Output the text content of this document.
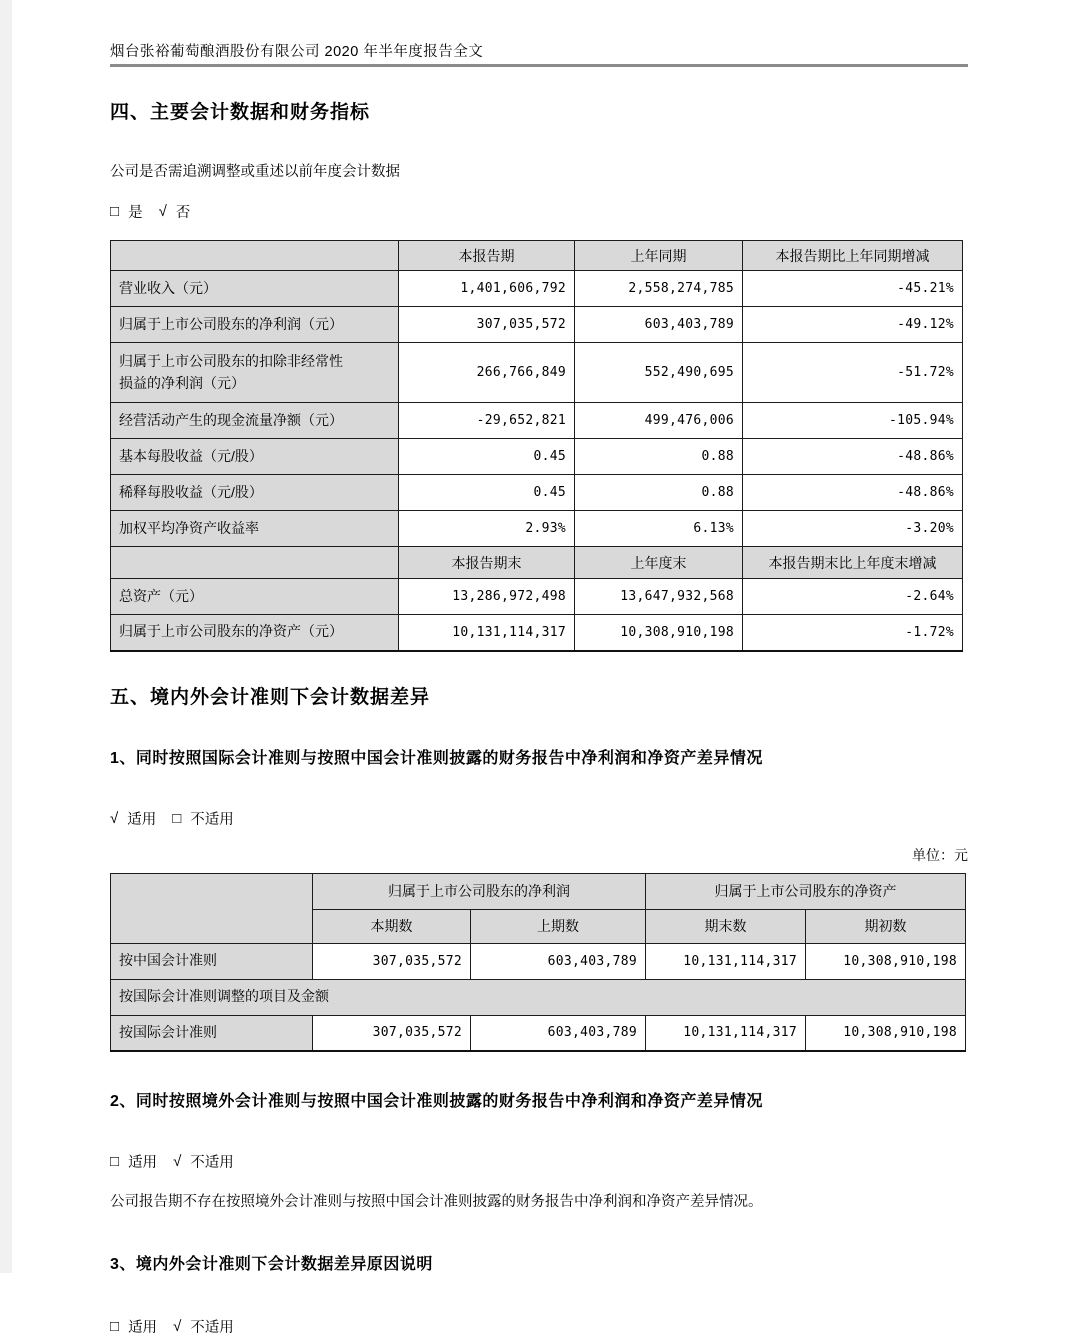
烟台张裕葡萄酿酒股份有限公司 2020 年半年度报告全文
四、主要会计数据和财务指标
公司是否需追溯调整或重述以前年度会计数据
□ 是 √ 否
	本报告期	上年同期	本报告期比上年同期增减
营业收入（元）	1,401,606,792	2,558,274,785	-45.21%
归属于上市公司股东的净利润（元）	307,035,572	603,403,789	-49.12%
归属于上市公司股东的扣除非经常性损益的净利润（元）	266,766,849	552,490,695	-51.72%
经营活动产生的现金流量净额（元）	-29,652,821	499,476,006	-105.94%
基本每股收益（元/股）	0.45	0.88	-48.86%
稀释每股收益（元/股）	0.45	0.88	-48.86%
加权平均净资产收益率	2.93%	6.13%	-3.20%
	本报告期末	上年度末	本报告期末比上年度末增减
总资产（元）	13,286,972,498	13,647,932,568	-2.64%
归属于上市公司股东的净资产（元）	10,131,114,317	10,308,910,198	-1.72%
五、境内外会计准则下会计数据差异
1、同时按照国际会计准则与按照中国会计准则披露的财务报告中净利润和净资产差异情况
√ 适用 □ 不适用
单位：元
	归属于上市公司股东的净利润		归属于上市公司股东的净资产	
	本期数	上期数	期末数	期初数
按中国会计准则	307,035,572	603,403,789	10,131,114,317	10,308,910,198
按国际会计准则调整的项目及金额				
按国际会计准则	307,035,572	603,403,789	10,131,114,317	10,308,910,198
2、同时按照境外会计准则与按照中国会计准则披露的财务报告中净利润和净资产差异情况
□ 适用 √ 不适用
公司报告期不存在按照境外会计准则与按照中国会计准则披露的财务报告中净利润和净资产差异情况。
3、境内外会计准则下会计数据差异原因说明
□ 适用 √ 不适用
